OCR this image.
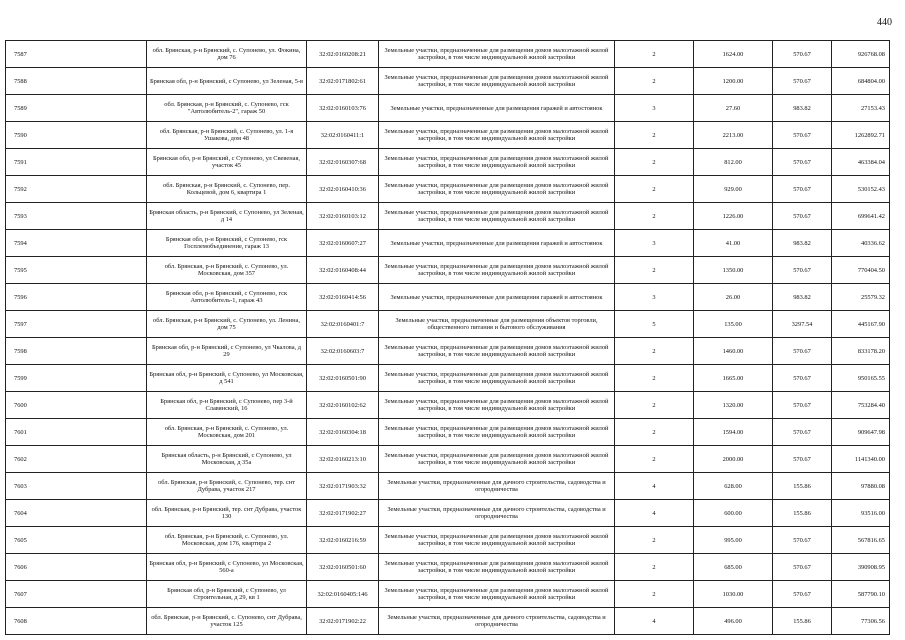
440
7587	обл. Брянская, р-н Брянский, с. Супонево, ул. Фокина, дом 76	32:02:0160208:21	Земельные участки, предназначенные для размещения домов малоэтажной жилой застройки, в том числе индивидуальной жилой застройки	2	1624.00	570.67	926768.08
7588	Брянская обл, р-н Брянский, с Супонево, ул Зеленая, 5-в	32:02:0171802:61	Земельные участки, предназначенные для размещения домов малоэтажной жилой застройки, в том числе индивидуальной жилой застройки	2	1200.00	570.67	684804.00
7589	обл. Брянская, р-н Брянский, с. Супонево, гск "Автолюбитель-2", гараж 50	32:02:0160103:76	Земельные участки, предназначенные для размещения гаражей и автостоянок	3	27.60	983.82	27153.43
7590	обл. Брянская, р-н Брянский, с. Супонево, ул. 1-я Ушакова, дом 48	32:02:0160411:1	Земельные участки, предназначенные для размещения домов малоэтажной жилой застройки, в том числе индивидуальной жилой застройки	2	2213.00	570.67	1262892.71
7591	Брянская обл, р-н Брянский, с Супонево, ул Свевеная, участок 45	32:02:0160307:68	Земельные участки, предназначенные для размещения домов малоэтажной жилой застройки, в том числе индивидуальной жилой застройки	2	812.00	570.67	463384.04
7592	обл. Брянская, р-н Брянский, с. Супонево, пер. Кольцевой, дом 6, квартира 1	32:02:0160410:36	Земельные участки, предназначенные для размещения домов малоэтажной жилой застройки, в том числе индивидуальной жилой застройки	2	929.00	570.67	530152.43
7593	Брянская область, р-н Брянский, с Супонево, ул Зеленая, д 14	32:02:0160103:12	Земельные участки, предназначенные для размещения домов малоэтажной жилой застройки, в том числе индивидуальной жилой застройки	2	1226.00	570.67	699641.42
7594	Брянская обл, р-н Брянский, с Супонево, гск Госплемобъединение, гараж 13	32:02:0160607:27	Земельные участки, предназначенные для размещения гаражей и автостоянок	3	41.00	983.82	40336.62
7595	обл. Брянская, р-н Брянский, с. Супонево, ул. Московская, дом 357	32:02:0160408:44	Земельные участки, предназначенные для размещения домов малоэтажной жилой застройки, в том числе индивидуальной жилой застройки	2	1350.00	570.67	770404.50
7596	Брянская обл, р-н Брянский, с Супонево, гск Автолюбитель-1, гараж 43	32:02:0160414:56	Земельные участки, предназначенные для размещения гаражей и автостоянок	3	26.00	983.82	25579.32
7597	обл. Брянская, р-н Брянский, с. Супонево, ул. Ленина, дом 75	32:02:0160401:7	Земельные участки, предназначенные для размещения объектов торговли, общественного питания и бытового обслуживания	5	135.00	3297.54	445167.90
7598	Брянская обл, р-н Брянский, с Супонево, ул Чкалова, д 29	32:02:0160603:7	Земельные участки, предназначенные для размещения домов малоэтажной жилой застройки, в том числе индивидуальной жилой застройки	2	1460.00	570.67	833178.20
7599	Брянская обл, р-н Брянский, с Супонево, ул Московская, д 541	32:02:0160501:90	Земельные участки, предназначенные для размещения домов малоэтажной жилой застройки, в том числе индивидуальной жилой застройки	2	1665.00	570.67	950165.55
7600	Брянская обл, р-н Брянский, с Супонево, пер 3-й Славянский, 16	32:02:0160102:62	Земельные участки, предназначенные для размещения домов малоэтажной жилой застройки, в том числе индивидуальной жилой застройки	2	1320.00	570.67	753284.40
7601	обл. Брянская, р-н Брянский, с. Супонево, ул. Московская, дом 201	32:02:0160304:18	Земельные участки, предназначенные для размещения домов малоэтажной жилой застройки, в том числе индивидуальной жилой застройки	2	1594.00	570.67	909647.98
7602	Брянская область, р-н Брянский, с Супонево, ул Московская, д 35а	32:02:0160213:10	Земельные участки, предназначенные для размещения домов малоэтажной жилой застройки, в том числе индивидуальной жилой застройки	2	2000.00	570.67	1141340.00
7603	обл. Брянская, р-н Брянский, с. Супонево, тер. снт Дубрава, участок 217	32:02:0171903:32	Земельные участки, предназначенные для дачного строительства, садоводства и огородничества	4	628.00	155.86	97880.08
7604	обл. Брянская, р-н Брянский, тер. снт Дубрава, участок 130	32:02:0171902:27	Земельные участки, предназначенные для дачного строительства, садоводства и огородничества	4	600.00	155.86	93516.00
7605	обл. Брянская, р-н Брянский, с. Супонево, ул. Московская, дом 176, квартира 2	32:02:0160216:59	Земельные участки, предназначенные для размещения домов малоэтажной жилой застройки, в том числе индивидуальной жилой застройки	2	995.00	570.67	567816.65
7606	Брянская обл, р-н Брянский, с Супонево, ул Московская, 560-а	32:02:0160501:60	Земельные участки, предназначенные для размещения домов малоэтажной жилой застройки, в том числе индивидуальной жилой застройки	2	685.00	570.67	390908.95
7607	Брянская обл, р-н Брянский, с Супонево, ул Строительная, д 29, кв 1	32:02:0160405:146	Земельные участки, предназначенные для размещения домов малоэтажной жилой застройки, в том числе индивидуальной жилой застройки	2	1030.00	570.67	587790.10
7608	обл. Брянская, р-н Брянский, с. Супонево, снт Дубрава, участок 125	32:02:0171902:22	Земельные участки, предназначенные для дачного строительства, садоводства и огородничества	4	496.00	155.86	77306.56
